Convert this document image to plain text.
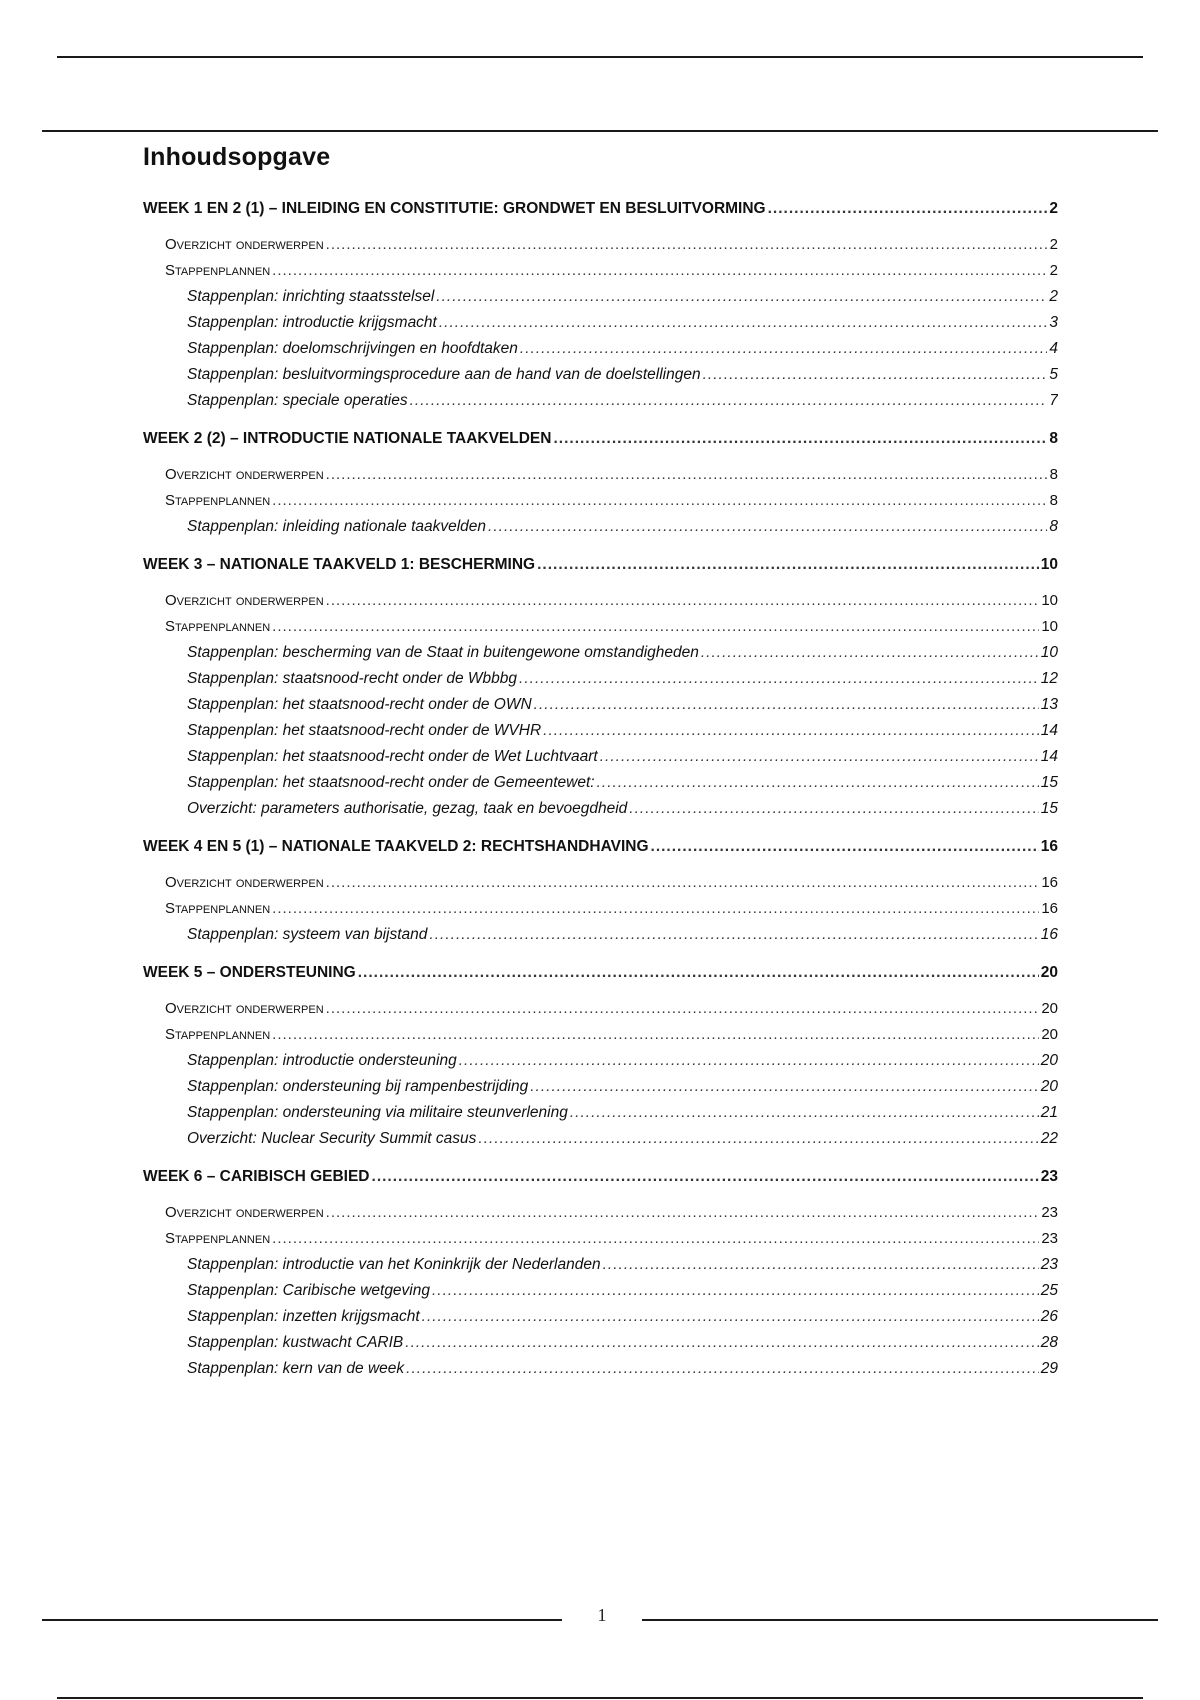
Inhoudsopgave
WEEK 1 EN 2 (1) – INLEIDING EN CONSTITUTIE: GRONDWET EN BESLUITVORMING .....	2
Overzicht onderwerpen .....	2
Stappenplannen .....	2
Stappenplan: inrichting staatsstelsel .....	2
Stappenplan: introductie krijgsmacht .....	3
Stappenplan: doelomschrijvingen en hoofdtaken .....	4
Stappenplan: besluitvormingsprocedure aan de hand van de doelstellingen .....	5
Stappenplan: speciale operaties .....	7
WEEK 2 (2) – INTRODUCTIE NATIONALE TAAKVELDEN .....	8
Overzicht onderwerpen .....	8
Stappenplannen .....	8
Stappenplan: inleiding nationale taakvelden .....	8
WEEK 3 – NATIONALE TAAKVELD 1: BESCHERMING .....	10
Overzicht onderwerpen .....	10
Stappenplannen .....	10
Stappenplan: bescherming van de Staat in buitengewone omstandigheden .....	10
Stappenplan: staatsnood-recht onder de Wbbbg .....	12
Stappenplan: het staatsnood-recht onder de OWN .....	13
Stappenplan: het staatsnood-recht onder de WVHR .....	14
Stappenplan: het staatsnood-recht onder de Wet Luchtvaart .....	14
Stappenplan: het staatsnood-recht onder de Gemeentewet: .....	15
Overzicht: parameters authorisatie, gezag, taak en bevoegdheid .....	15
WEEK 4 EN 5 (1) – NATIONALE TAAKVELD 2: RECHTSHANDHAVING .....	16
Overzicht onderwerpen .....	16
Stappenplannen .....	16
Stappenplan: systeem van bijstand .....	16
WEEK 5 – ONDERSTEUNING .....	20
Overzicht onderwerpen .....	20
Stappenplannen .....	20
Stappenplan: introductie ondersteuning .....	20
Stappenplan: ondersteuning bij rampenbestrijding .....	20
Stappenplan: ondersteuning via militaire steunverlening .....	21
Overzicht: Nuclear Security Summit casus .....	22
WEEK 6 – CARIBISCH GEBIED .....	23
Overzicht onderwerpen .....	23
Stappenplannen .....	23
Stappenplan: introductie van het Koninkrijk der Nederlanden .....	23
Stappenplan: Caribische wetgeving .....	25
Stappenplan: inzetten krijgsmacht .....	26
Stappenplan: kustwacht CARIB .....	28
Stappenplan: kern van de week .....	29
1
